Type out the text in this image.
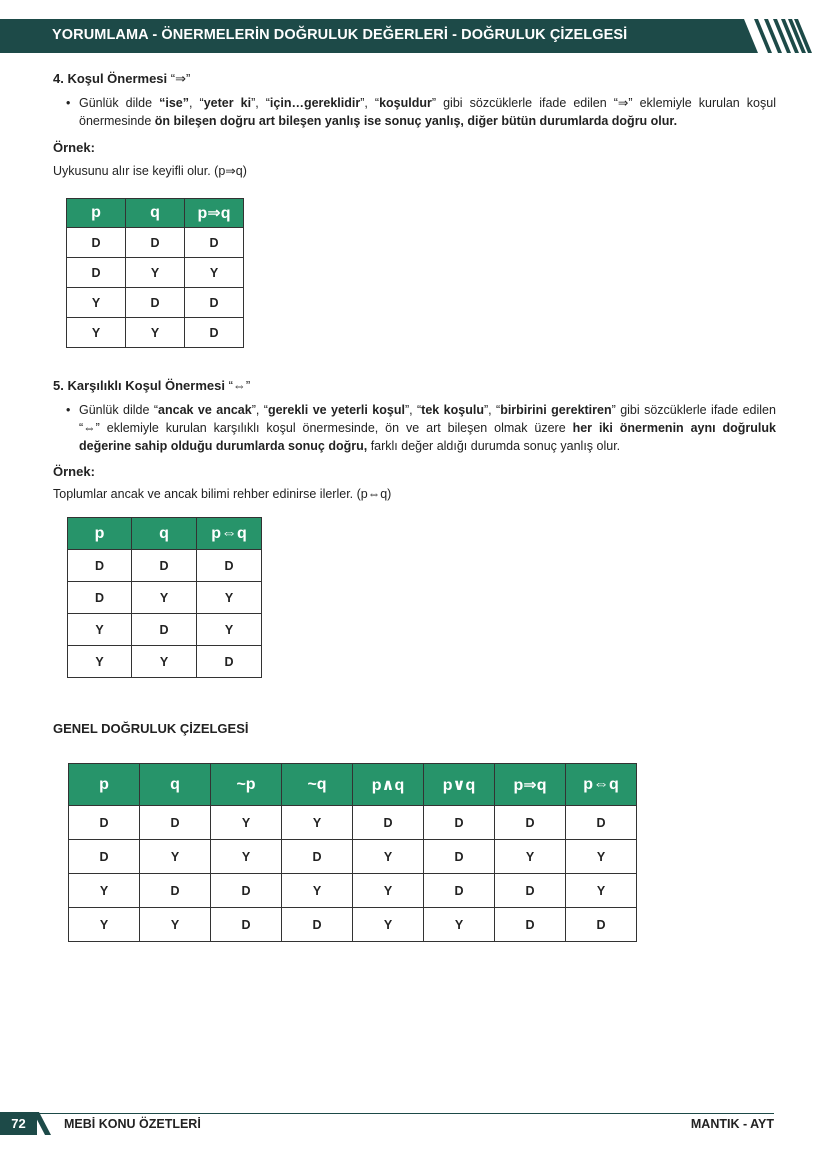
YORUMLAMA - ÖNERMELERİN DOĞRULUK DEĞERLERİ - DOĞRULUK ÇİZELGESİ
4. Koşul Önermesi “⇒”
• Günlük dilde “ise”, “yeter ki”, “için…gereklidir”, “koşuldur” gibi sözcüklerle ifade edilen “⇒” eklemiyle kurulan koşul önermesinde ön bileşen doğru art bileşen yanlış ise sonuç yanlış, diğer bütün durumlarda doğru olur.
Örnek:
Uykusunu alır ise keyifli olur. (p⇒q)
p	q	p⇒q
D	D	D
D	Y	Y
Y	D	D
Y	Y	D
5. Karşılıklı Koşul Önermesi “⇔”
• Günlük dilde “ancak ve ancak”, “gerekli ve yeterli koşul”, “tek koşulu”, “birbirini gerektiren” gibi sözcüklerle ifade edilen “⇔” eklemiyle kurulan karşılıklı koşul önermesinde, ön ve art bileşen olmak üzere her iki önermenin aynı doğruluk değerine sahip olduğu durumlarda sonuç doğru, farklı değer aldığı durumda sonuç yanlış olur.
Örnek:
Toplumlar ancak ve ancak bilimi rehber edinirse ilerler. (p⇔q)
p	q	p⇔q
D	D	D
D	Y	Y
Y	D	Y
Y	Y	D
GENEL DOĞRULUK ÇİZELGESİ
p	q	~p	~q	p∧q	p∨q	p⇒q	p⇔q
D	D	Y	Y	D	D	D	D
D	Y	Y	D	Y	D	Y	Y
Y	D	D	Y	Y	D	D	Y
Y	Y	D	D	Y	Y	D	D
72	MEBİ KONU ÖZETLERİ	MANTIK - AYT
